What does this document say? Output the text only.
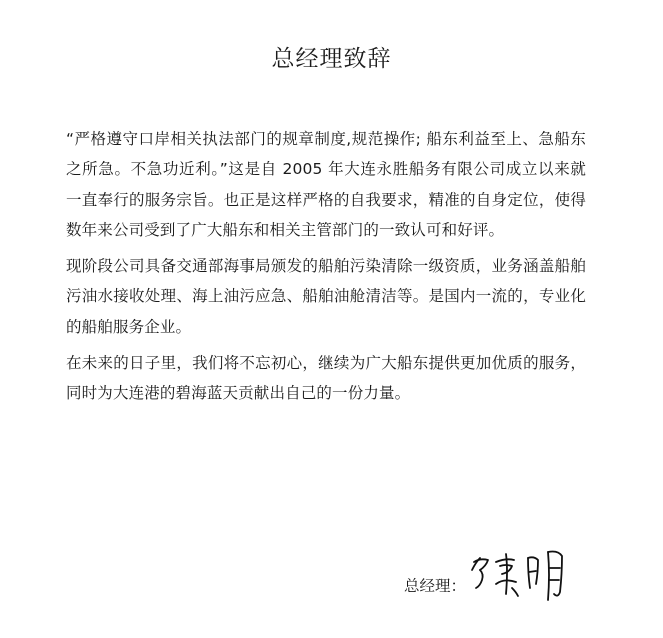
总经理致辞

“严格遵守口岸相关执法部门的规章制度,规范操作; 船东利益至上、急船东之所急。不急功近利。”这是自 2005 年大连永胜船务有限公司成立以来就一直奉行的服务宗旨。也正是这样严格的自我要求，精准的自身定位，使得数年来公司受到了广大船东和相关主管部门的一致认可和好评。

现阶段公司具备交通部海事局颁发的船舶污染清除一级资质，业务涵盖船舶污油水接收处理、海上油污应急、船舶油舱清洁等。是国内一流的，专业化的船舶服务企业。

在未来的日子里，我们将不忘初心，继续为广大船东提供更加优质的服务，同时为大连港的碧海蓝天贡献出自己的一份力量。

总经理：
